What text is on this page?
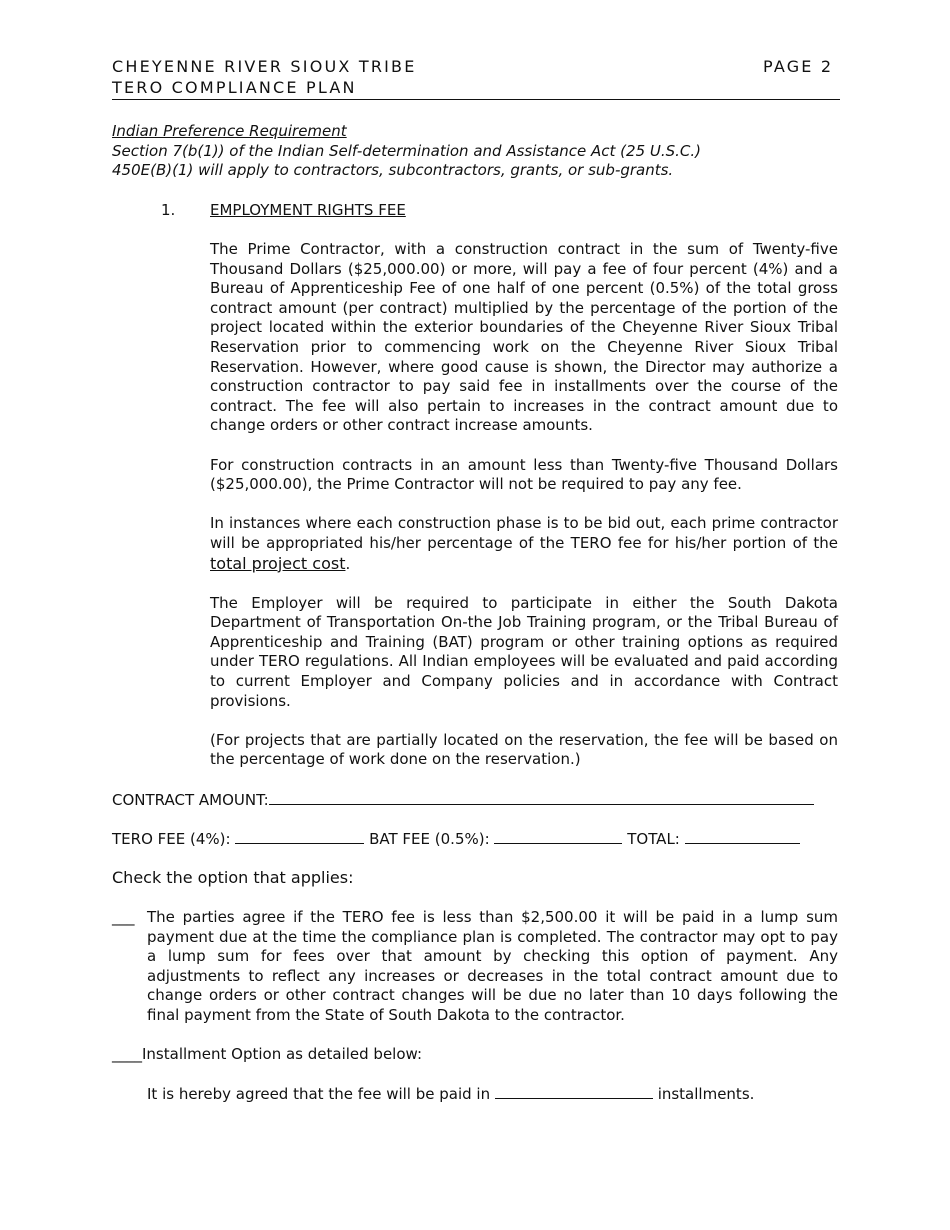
CHEYENNE RIVER SIOUX TRIBE
TERO COMPLIANCE PLAN
PAGE 2
Indian Preference Requirement
Section 7(b(1)) of the Indian Self-determination and Assistance Act (25 U.S.C.)
450E(B)(1) will apply to contractors, subcontractors, grants, or sub-grants.
1. EMPLOYMENT RIGHTS FEE
The Prime Contractor, with a construction contract in the sum of Twenty-five Thousand Dollars ($25,000.00) or more, will pay a fee of four percent (4%) and a Bureau of Apprenticeship Fee of one half of one percent (0.5%) of the total gross contract amount (per contract) multiplied by the percentage of the portion of the project located within the exterior boundaries of the Cheyenne River Sioux Tribal Reservation prior to commencing work on the Cheyenne River Sioux Tribal Reservation. However, where good cause is shown, the Director may authorize a construction contractor to pay said fee in installments over the course of the contract. The fee will also pertain to increases in the contract amount due to change orders or other contract increase amounts.
For construction contracts in an amount less than Twenty-five Thousand Dollars ($25,000.00), the Prime Contractor will not be required to pay any fee.
In instances where each construction phase is to be bid out, each prime contractor will be appropriated his/her percentage of the TERO fee for his/her portion of the total project cost.
The Employer will be required to participate in either the South Dakota Department of Transportation On-the Job Training program, or the Tribal Bureau of Apprenticeship and Training (BAT) program or other training options as required under TERO regulations. All Indian employees will be evaluated and paid according to current Employer and Company policies and in accordance with Contract provisions.
(For projects that are partially located on the reservation, the fee will be based on the percentage of work done on the reservation.)
CONTRACT AMOUNT:
TERO FEE (4%):	BAT FEE (0.5%):	TOTAL:
Check the option that applies:
___ The parties agree if the TERO fee is less than $2,500.00 it will be paid in a lump sum payment due at the time the compliance plan is completed. The contractor may opt to pay a lump sum for fees over that amount by checking this option of payment. Any adjustments to reflect any increases or decreases in the total contract amount due to change orders or other contract changes will be due no later than 10 days following the final payment from the State of South Dakota to the contractor.
____Installment Option as detailed below:
It is hereby agreed that the fee will be paid in	installments.
